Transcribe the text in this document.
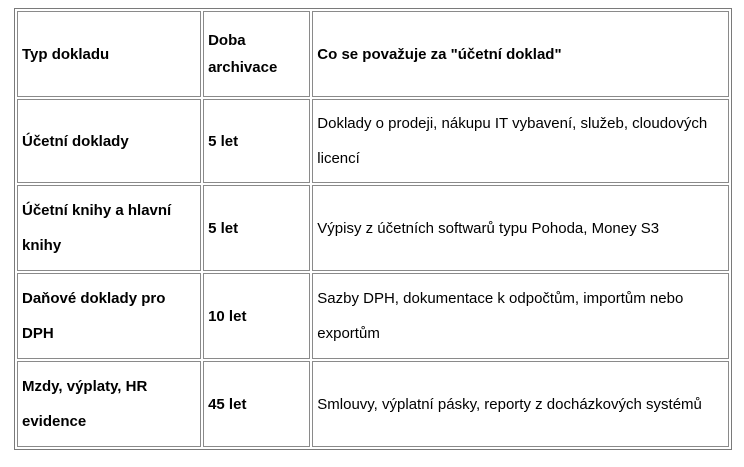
Typ dokladu	Doba archivace	Co se považuje za "účetní doklad"
Účetní doklady	5 let	Doklady o prodeji, nákupu IT vybavení, služeb, cloudových licencí
Účetní knihy a hlavní knihy	5 let	Výpisy z účetních softwarů typu Pohoda, Money S3
Daňové doklady pro DPH	10 let	Sazby DPH, dokumentace k odpočtům, importům nebo exportům
Mzdy, výplaty, HR evidence	45 let	Smlouvy, výplatní pásky, reporty z docházkových systémů
